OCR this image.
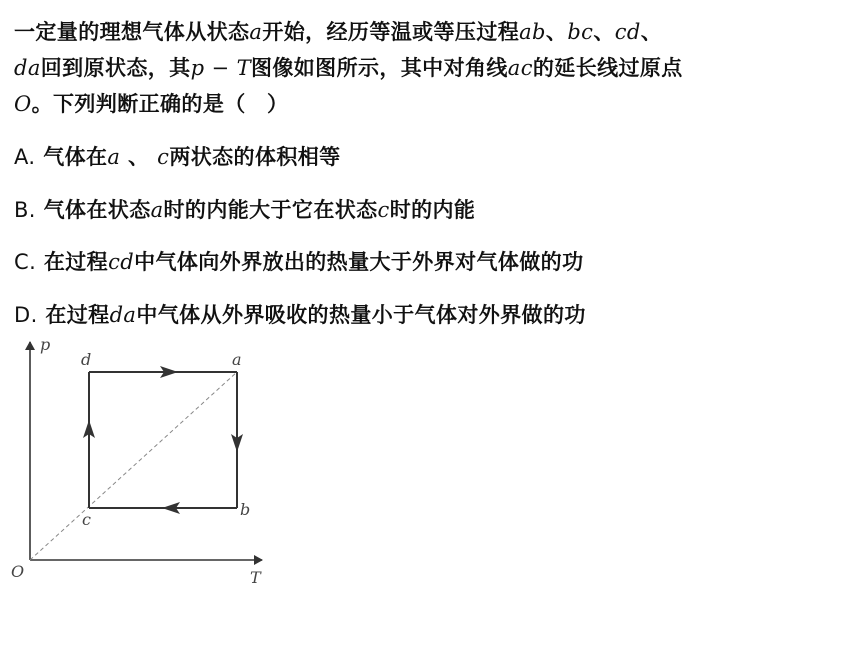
一定量的理想气体从状态a开始，经历等温或等压过程ab、bc、cd、
da回到原状态，其p − T图像如图所示，其中对角线ac的延长线过原点
O。下列判断正确的是（　）
A. 气体在a 、 c两状态的体积相等
B. 气体在状态a时的内能大于它在状态c时的内能
C. 在过程cd中气体向外界放出的热量大于外界对气体做的功
D. 在过程da中气体从外界吸收的热量小于气体对外界做的功
p
T
O
d	a
c
b
